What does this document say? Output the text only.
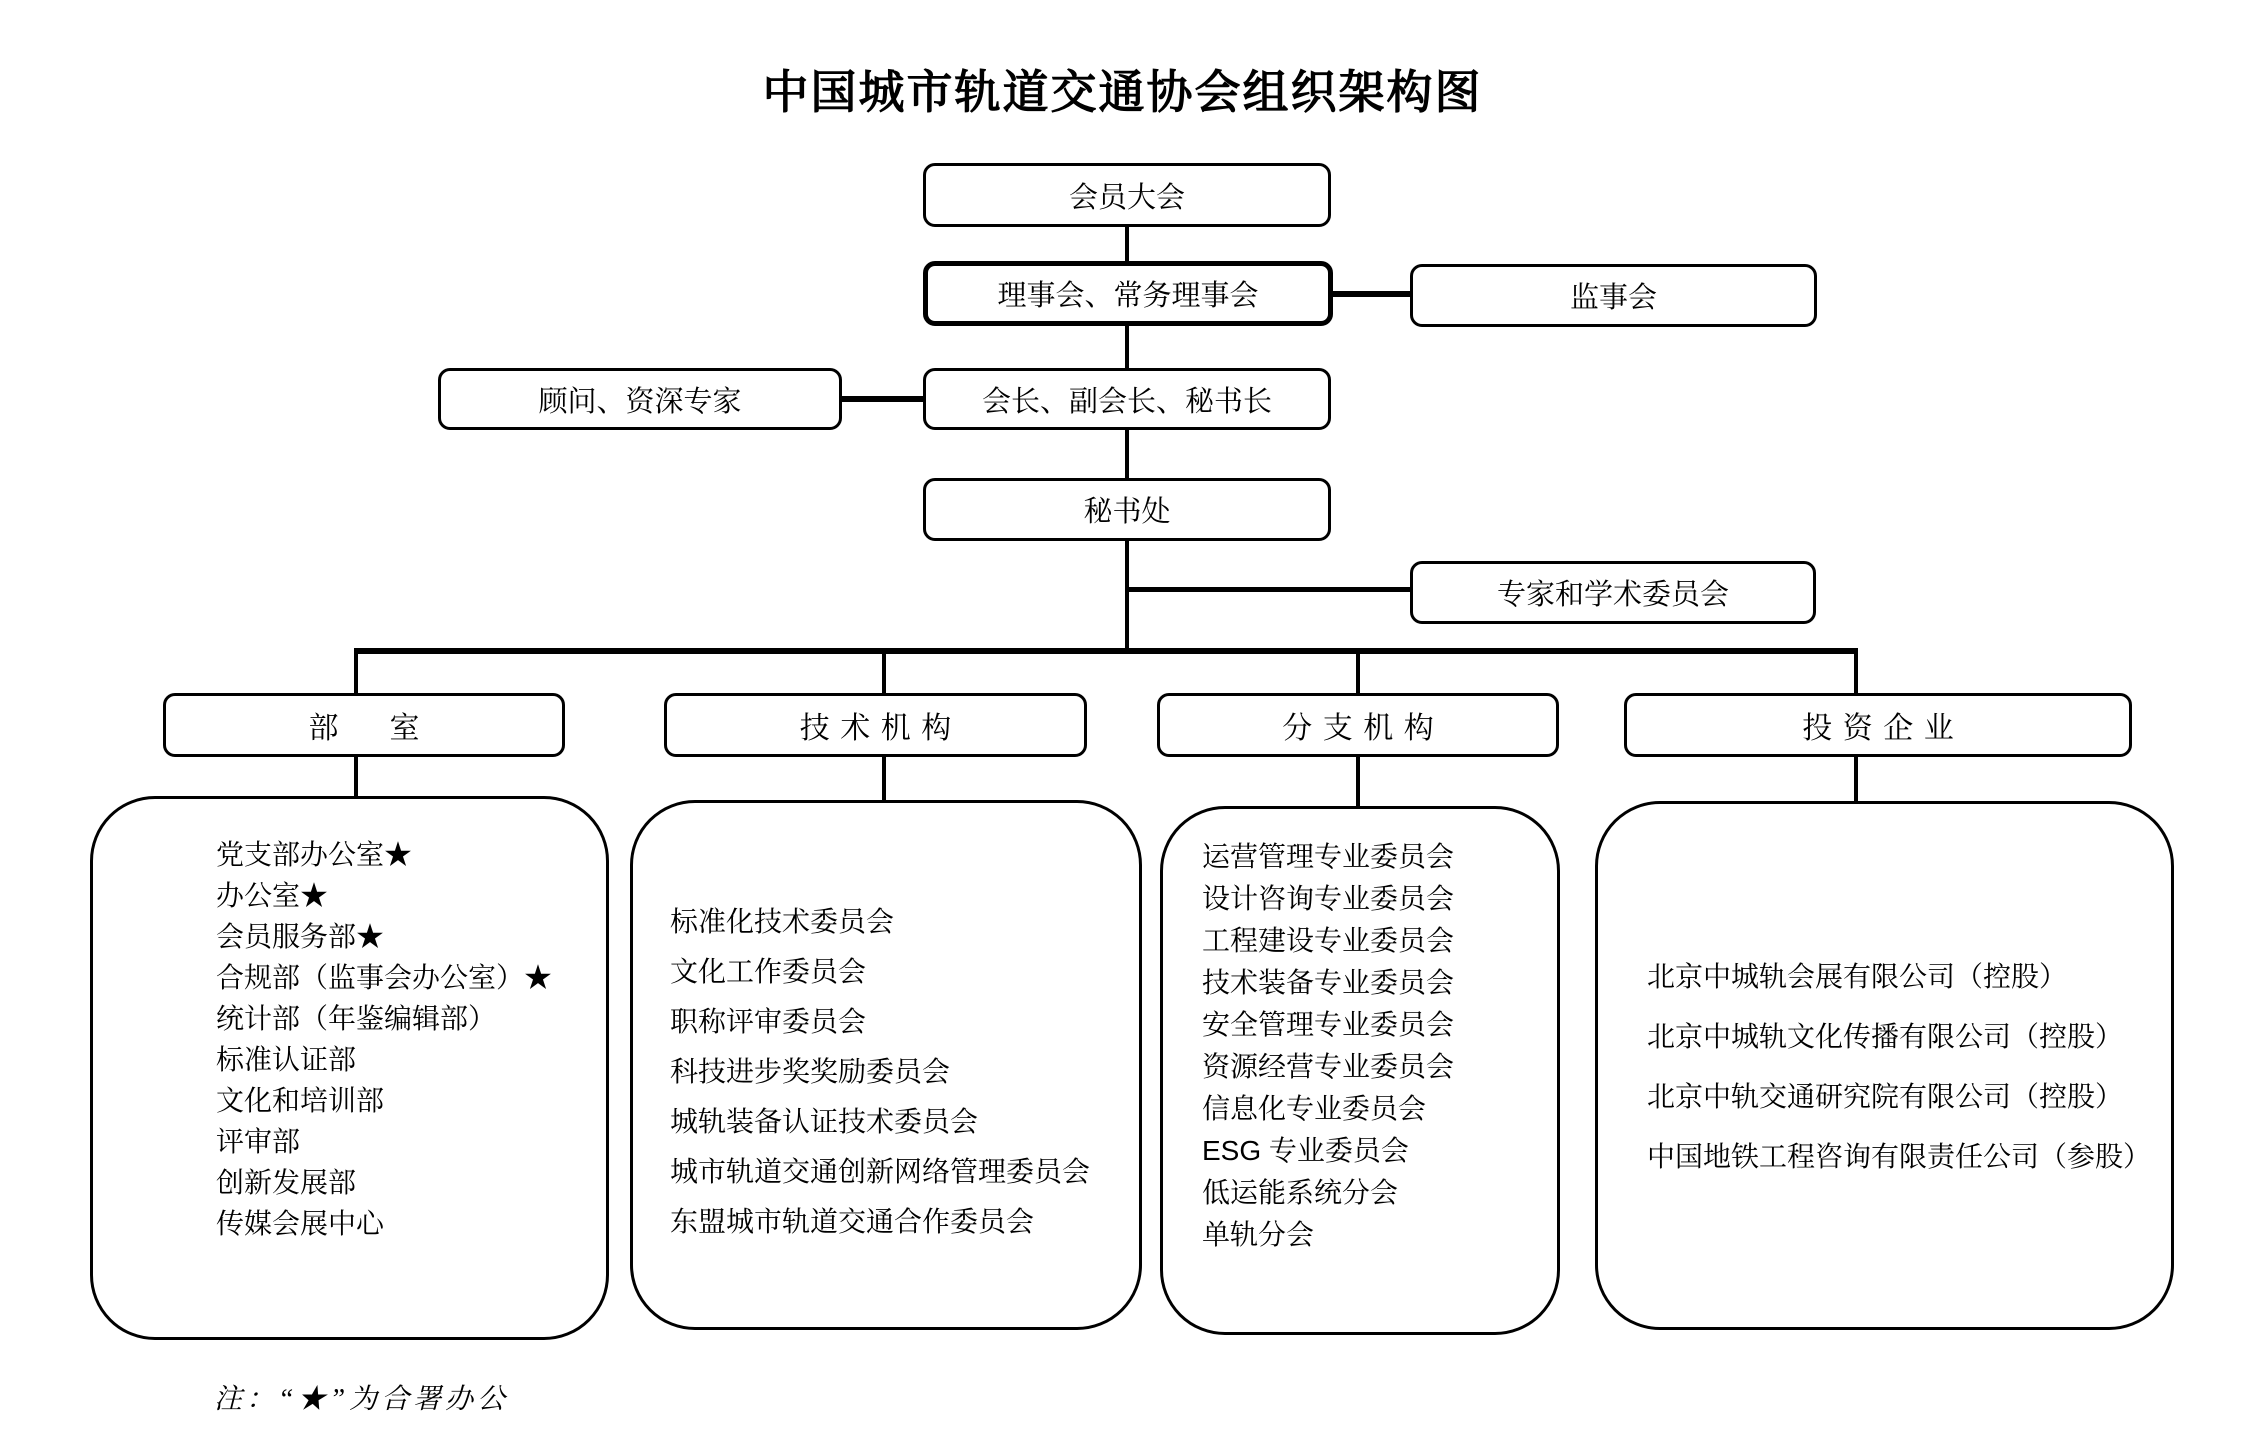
中国城市轨道交通协会组织架构图
会员大会
理事会、常务理事会	监事会
顾问、资深专家	会长、副会长、秘书长
秘书处
专家和学术委员会
部　室	技术机构	分支机构	投资企业
党支部办公室★
办公室★
会员服务部★
合规部（监事会办公室）★
统计部（年鉴编辑部）
标准认证部
文化和培训部
评审部
创新发展部
传媒会展中心
标准化技术委员会
文化工作委员会
职称评审委员会
科技进步奖奖励委员会
城轨装备认证技术委员会
城市轨道交通创新网络管理委员会
东盟城市轨道交通合作委员会
运营管理专业委员会
设计咨询专业委员会
工程建设专业委员会
技术装备专业委员会
安全管理专业委员会
资源经营专业委员会
信息化专业委员会
ESG 专业委员会
低运能系统分会
单轨分会
北京中城轨会展有限公司（控股）
北京中城轨文化传播有限公司（控股）
北京中轨交通研究院有限公司（控股）
中国地铁工程咨询有限责任公司（参股）
注：“★”为合署办公
